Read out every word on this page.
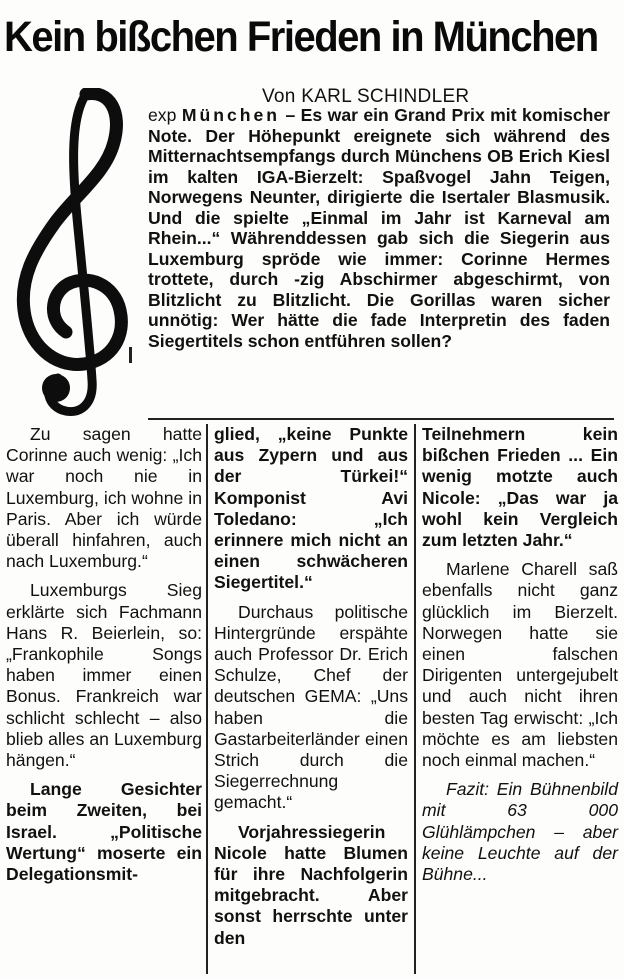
Kein bißchen Frieden in München
Von KARL SCHINDLER

exp München – Es war ein Grand Prix mit komischer Note. Der Höhepunkt ereignete sich während des Mitternachtsempfangs durch Münchens OB Erich Kiesl im kalten IGA-Bierzelt: Spaßvogel Jahn Teigen, Norwegens Neunter, dirigierte die Isertaler Blasmusik. Und die spielte „Einmal im Jahr ist Karneval am Rhein...“ Währenddessen gab sich die Siegerin aus Luxemburg spröde wie immer: Corinne Hermes trottete, durch -zig Abschirmer abgeschirmt, von Blitzlicht zu Blitzlicht. Die Gorillas waren sicher unnötig: Wer hätte die fade Interpretin des faden Siegertitels schon entführen sollen?

Zu sagen hatte Corinne auch wenig: „Ich war noch nie in Luxemburg, ich wohne in Paris. Aber ich würde überall hinfahren, auch nach Luxemburg.“

Luxemburgs Sieg erklärte sich Fachmann Hans R. Beierlein, so: „Frankophile Songs haben immer einen Bonus. Frankreich war schlicht schlecht – also blieb alles an Luxemburg hängen.“

Lange Gesichter beim Zweiten, bei Israel. „Politische Wertung“ moserte ein Delegationsmit-

glied, „keine Punkte aus Zypern und aus der Türkei!“ Komponist Avi Toledano: „Ich erinnere mich nicht an einen schwächeren Siegertitel.“

Durchaus politische Hintergründe erspähte auch Professor Dr. Erich Schulze, Chef der deutschen GEMA: „Uns haben die Gastarbeiterländer einen Strich durch die Siegerrechnung gemacht.“

Vorjahressiegerin Nicole hatte Blumen für ihre Nachfolgerin mitgebracht. Aber sonst herrschte unter den

Teilnehmern kein bißchen Frieden ... Ein wenig motzte auch Nicole: „Das war ja wohl kein Vergleich zum letzten Jahr.“

Marlene Charell saß ebenfalls nicht ganz glücklich im Bierzelt. Norwegen hatte sie einen falschen Dirigenten untergejubelt und auch nicht ihren besten Tag erwischt: „Ich möchte es am liebsten noch einmal machen.“

Fazit: Ein Bühnenbild mit 63 000 Glühlämpchen – aber keine Leuchte auf der Bühne...
